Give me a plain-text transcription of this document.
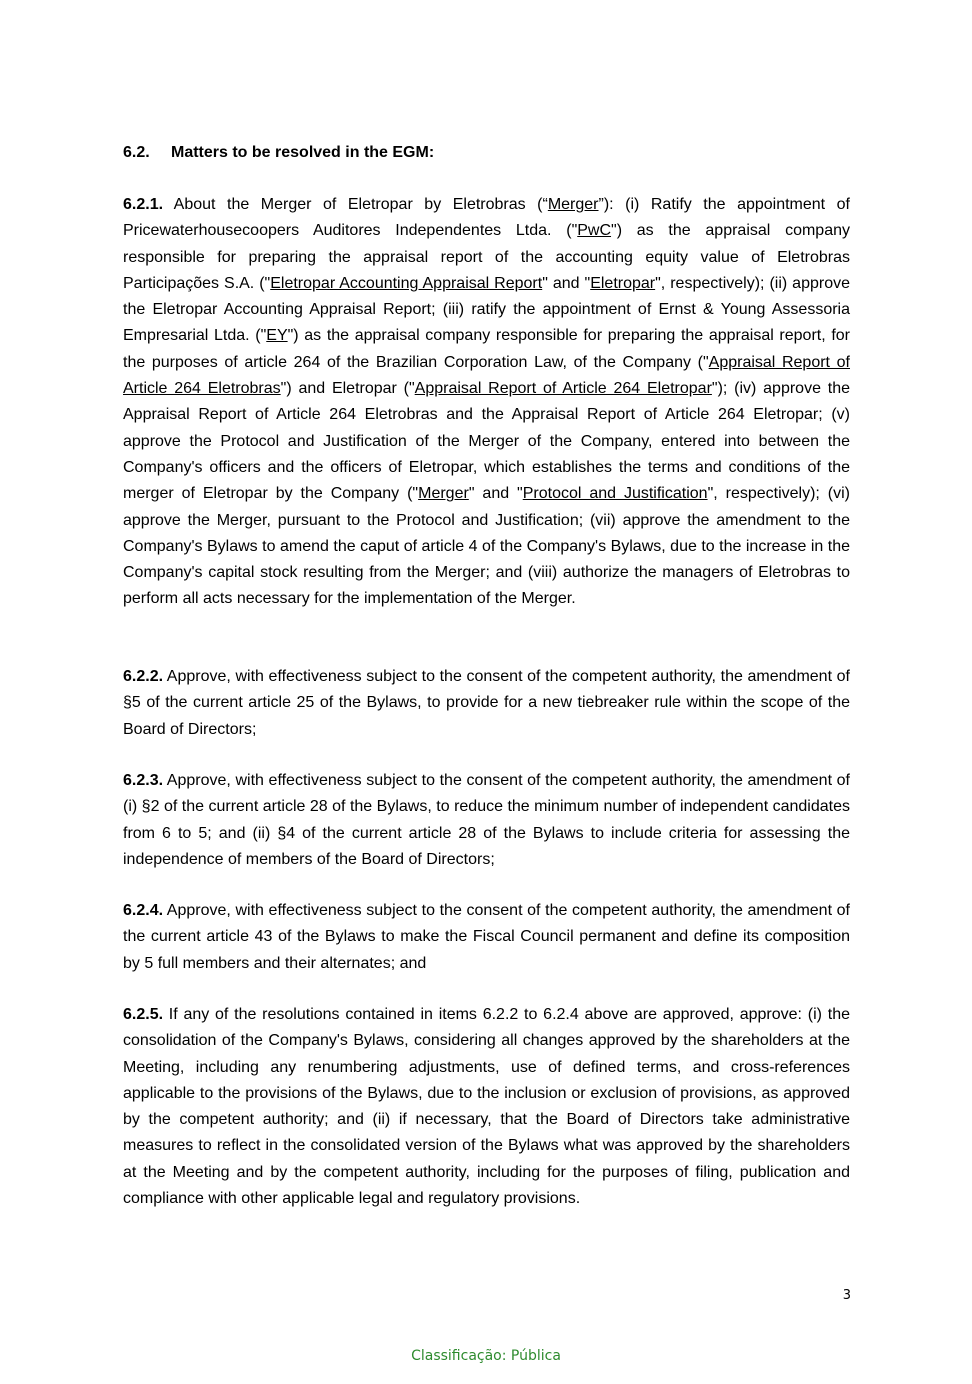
6.2. Matters to be resolved in the EGM:

6.2.1. About the Merger of Eletropar by Eletrobras (“Merger”): (i) Ratify the appointment of Pricewaterhousecoopers Auditores Independentes Ltda. ("PwC") as the appraisal company responsible for preparing the appraisal report of the accounting equity value of Eletrobras Participações S.A. ("Eletropar Accounting Appraisal Report" and "Eletropar", respectively); (ii) approve the Eletropar Accounting Appraisal Report; (iii) ratify the appointment of Ernst & Young Assessoria Empresarial Ltda. ("EY") as the appraisal company responsible for preparing the appraisal report, for the purposes of article 264 of the Brazilian Corporation Law, of the Company ("Appraisal Report of Article 264 Eletrobras") and Eletropar ("Appraisal Report of Article 264 Eletropar"); (iv) approve the Appraisal Report of Article 264 Eletrobras and the Appraisal Report of Article 264 Eletropar; (v) approve the Protocol and Justification of the Merger of the Company, entered into between the Company's officers and the officers of Eletropar, which establishes the terms and conditions of the merger of Eletropar by the Company ("Merger" and "Protocol and Justification", respectively); (vi) approve the Merger, pursuant to the Protocol and Justification; (vii) approve the amendment to the Company's Bylaws to amend the caput of article 4 of the Company's Bylaws, due to the increase in the Company's capital stock resulting from the Merger; and (viii) authorize the managers of Eletrobras to perform all acts necessary for the implementation of the Merger.

6.2.2. Approve, with effectiveness subject to the consent of the competent authority, the amendment of §5 of the current article 25 of the Bylaws, to provide for a new tiebreaker rule within the scope of the Board of Directors;

6.2.3. Approve, with effectiveness subject to the consent of the competent authority, the amendment of (i) §2 of the current article 28 of the Bylaws, to reduce the minimum number of independent candidates from 6 to 5; and (ii) §4 of the current article 28 of the Bylaws to include criteria for assessing the independence of members of the Board of Directors;

6.2.4. Approve, with effectiveness subject to the consent of the competent authority, the amendment of the current article 43 of the Bylaws to make the Fiscal Council permanent and define its composition by 5 full members and their alternates; and

6.2.5. If any of the resolutions contained in items 6.2.2 to 6.2.4 above are approved, approve: (i) the consolidation of the Company's Bylaws, considering all changes approved by the shareholders at the Meeting, including any renumbering adjustments, use of defined terms, and cross-references applicable to the provisions of the Bylaws, due to the inclusion or exclusion of provisions, as approved by the competent authority; and (ii) if necessary, that the Board of Directors take administrative measures to reflect in the consolidated version of the Bylaws what was approved by the shareholders at the Meeting and by the competent authority, including for the purposes of filing, publication and compliance with other applicable legal and regulatory provisions.

3
Classificação: Pública
